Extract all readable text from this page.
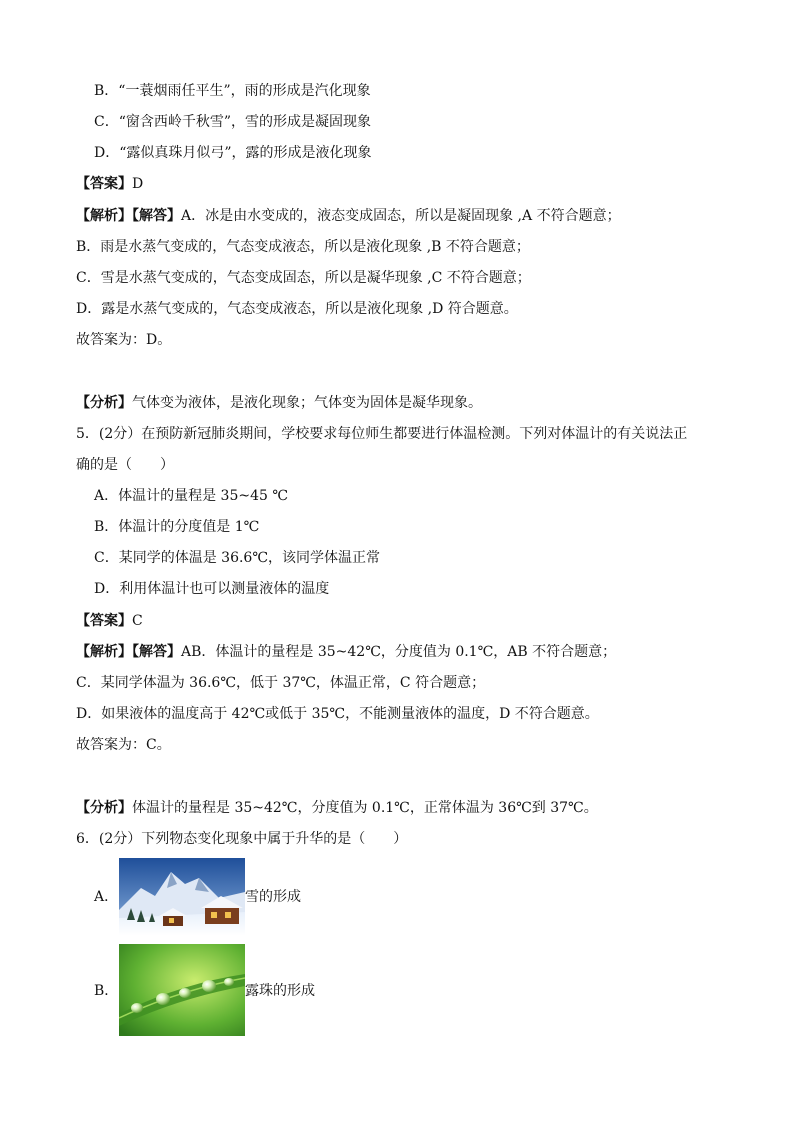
B．“一蓑烟雨任平生”，雨的形成是汽化现象
C．“窗含西岭千秋雪”，雪的形成是凝固现象
D．“露似真珠月似弓”，露的形成是液化现象
【答案】D
【解析】【解答】A．冰是由水变成的，液态变成固态，所以是凝固现象 ,A 不符合题意；
B．雨是水蒸气变成的，气态变成液态，所以是液化现象 ,B 不符合题意；
C．雪是水蒸气变成的，气态变成固态，所以是凝华现象 ,C 不符合题意；
D．露是水蒸气变成的，气态变成液态，所以是液化现象 ,D 符合题意。
故答案为：D。
【分析】气体变为液体，是液化现象；气体变为固体是凝华现象。
5．(2分）在预防新冠肺炎期间，学校要求每位师生都要进行体温检测。下列对体温计的有关说法正
确的是（　　）
A．体温计的量程是 35~45 ℃
B．体温计的分度值是 1℃
C．某同学的体温是 36.6℃，该同学体温正常
D．利用体温计也可以测量液体的温度
【答案】C
【解析】【解答】AB．体温计的量程是 35~42℃，分度值为 0.1℃，AB 不符合题意；
C．某同学体温为 36.6℃，低于 37℃，体温正常，C 符合题意；
D．如果液体的温度高于 42℃或低于 35℃，不能测量液体的温度，D 不符合题意。
故答案为：C。
【分析】体温计的量程是 35~42℃，分度值为 0.1℃，正常体温为 36℃到 37℃。
6．(2分）下列物态变化现象中属于升华的是（　　）
A．	雪的形成
B．	露珠的形成
